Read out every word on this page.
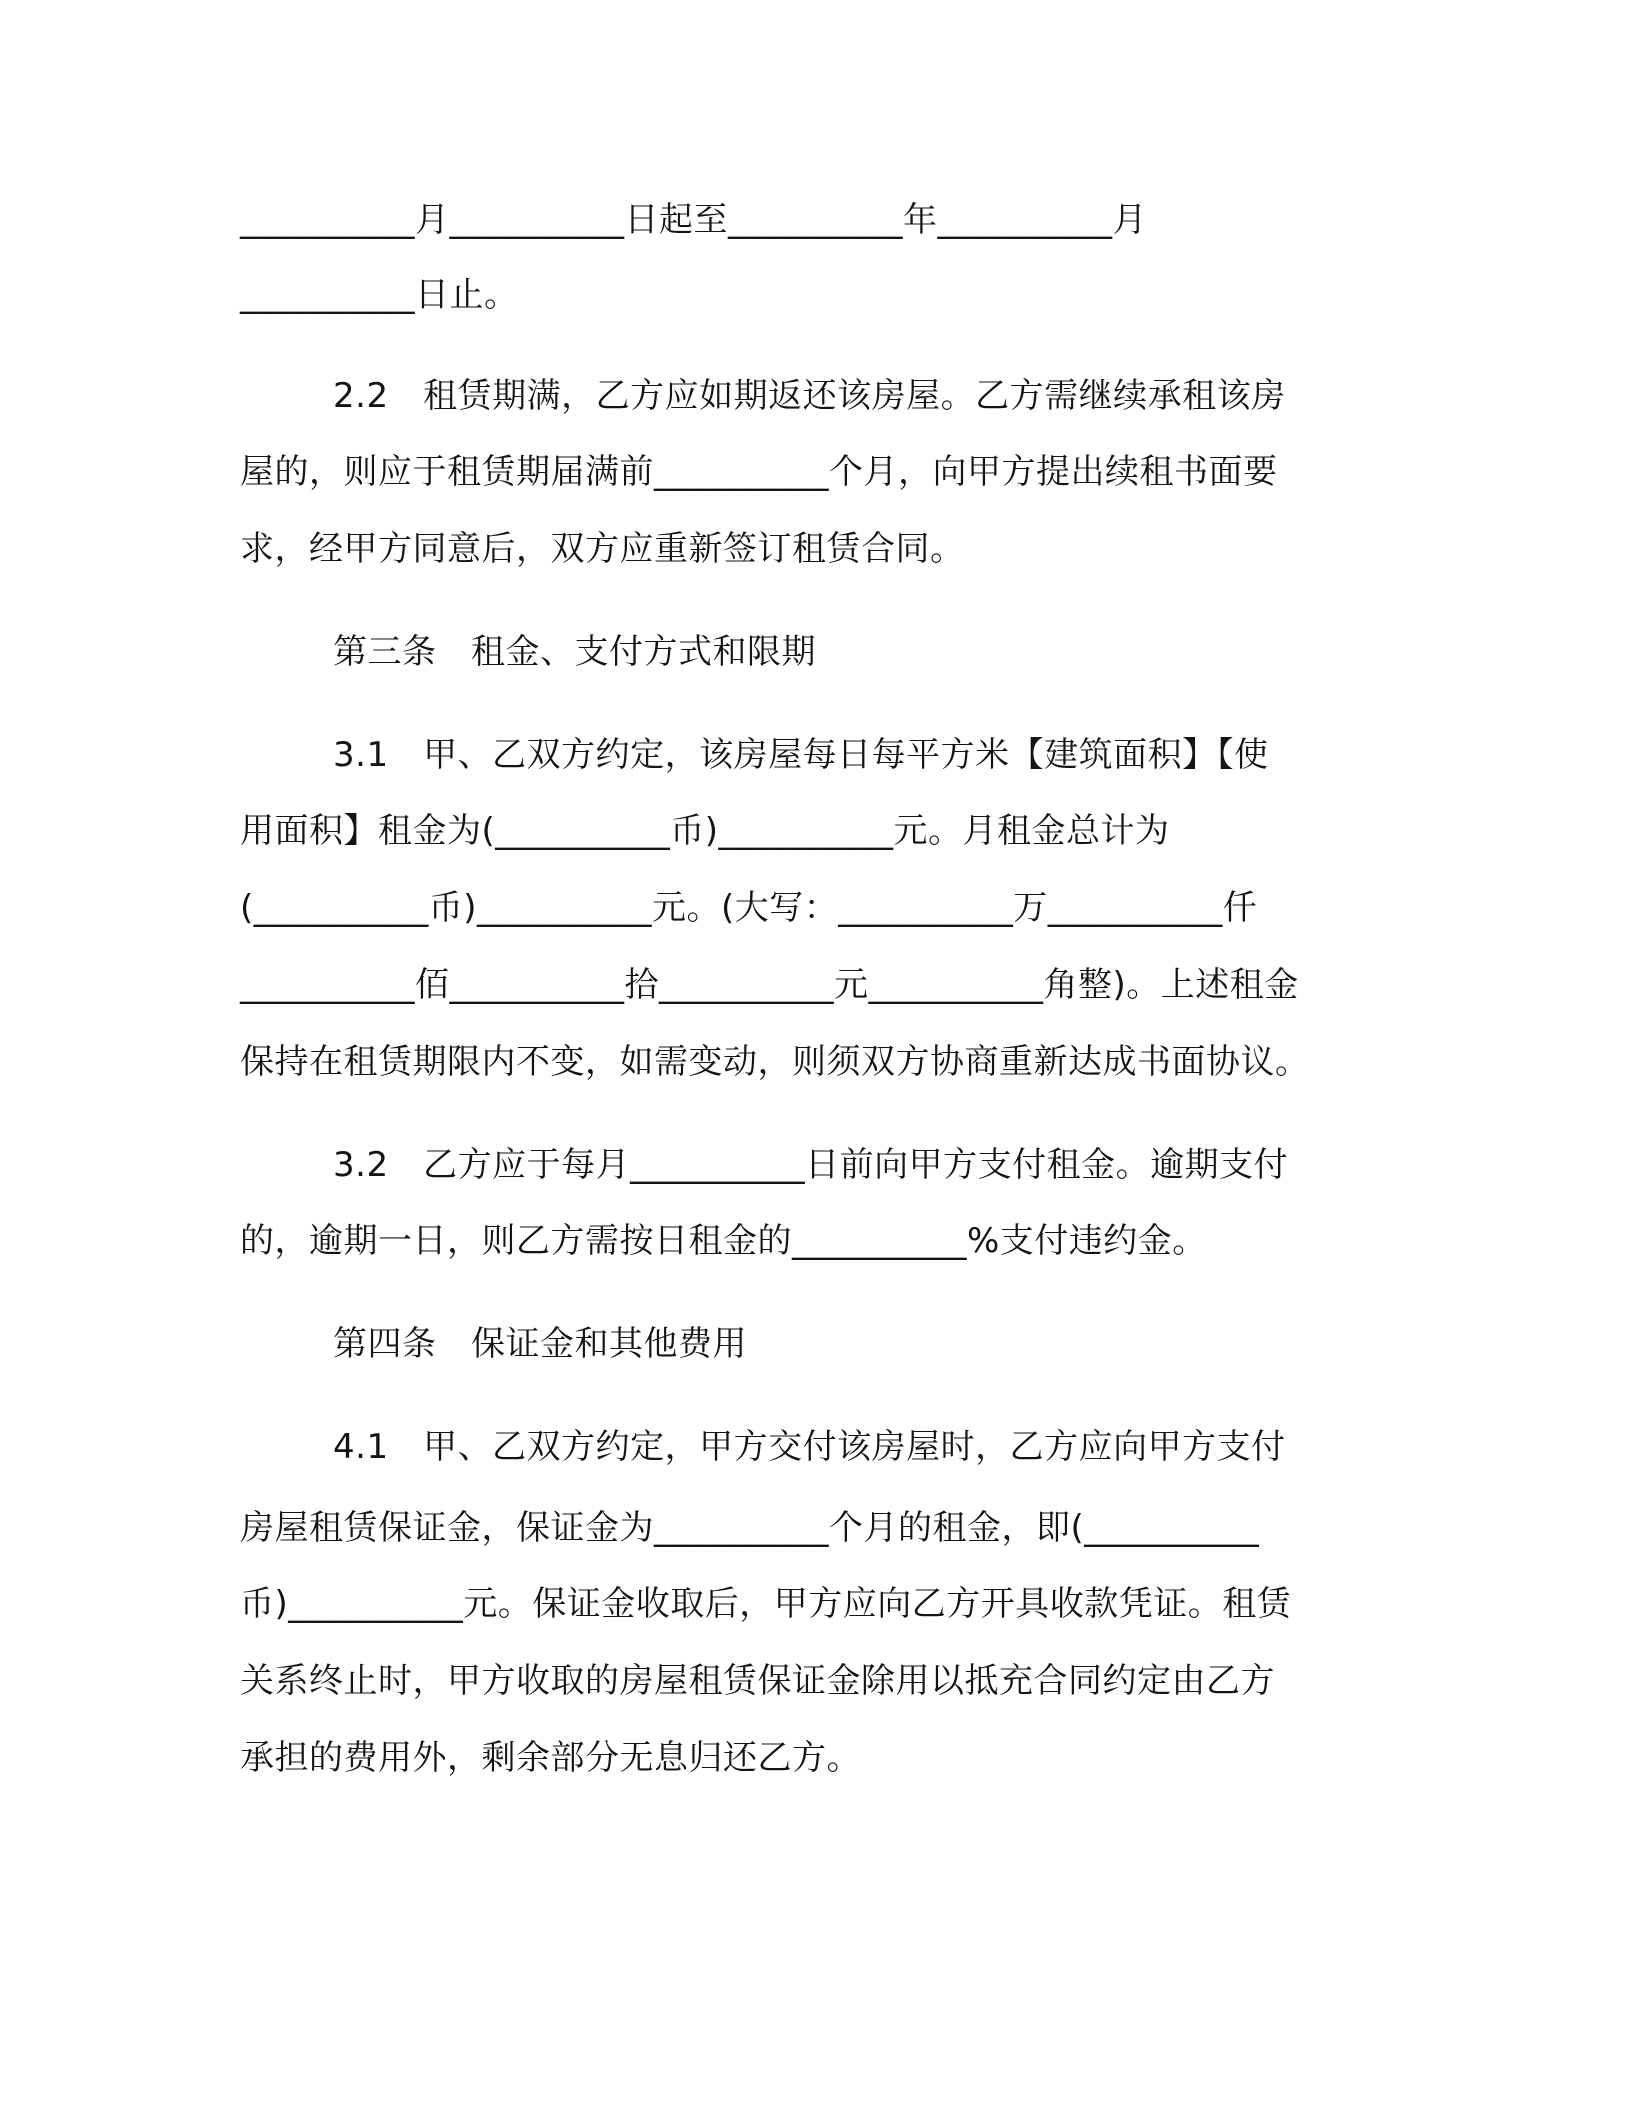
__________月__________日起至__________年__________月
__________日止。
2.2　租赁期满，乙方应如期返还该房屋。乙方需继续承租该房
屋的，则应于租赁期届满前__________个月，向甲方提出续租书面要
求，经甲方同意后，双方应重新签订租赁合同。
第三条　租金、支付方式和限期
3.1　甲、乙双方约定，该房屋每日每平方米【建筑面积】【使
用面积】租金为(__________币)__________元。月租金总计为
(__________币)__________元。(大写：__________万__________仟
__________佰__________拾__________元__________角整)。上述租金
保持在租赁期限内不变，如需变动，则须双方协商重新达成书面协议。
3.2　乙方应于每月__________日前向甲方支付租金。逾期支付
的，逾期一日，则乙方需按日租金的__________%支付违约金。
第四条　保证金和其他费用
4.1　甲、乙双方约定，甲方交付该房屋时，乙方应向甲方支付
房屋租赁保证金，保证金为__________个月的租金，即(__________
币)__________元。保证金收取后，甲方应向乙方开具收款凭证。租赁
关系终止时，甲方收取的房屋租赁保证金除用以抵充合同约定由乙方
承担的费用外，剩余部分无息归还乙方。
